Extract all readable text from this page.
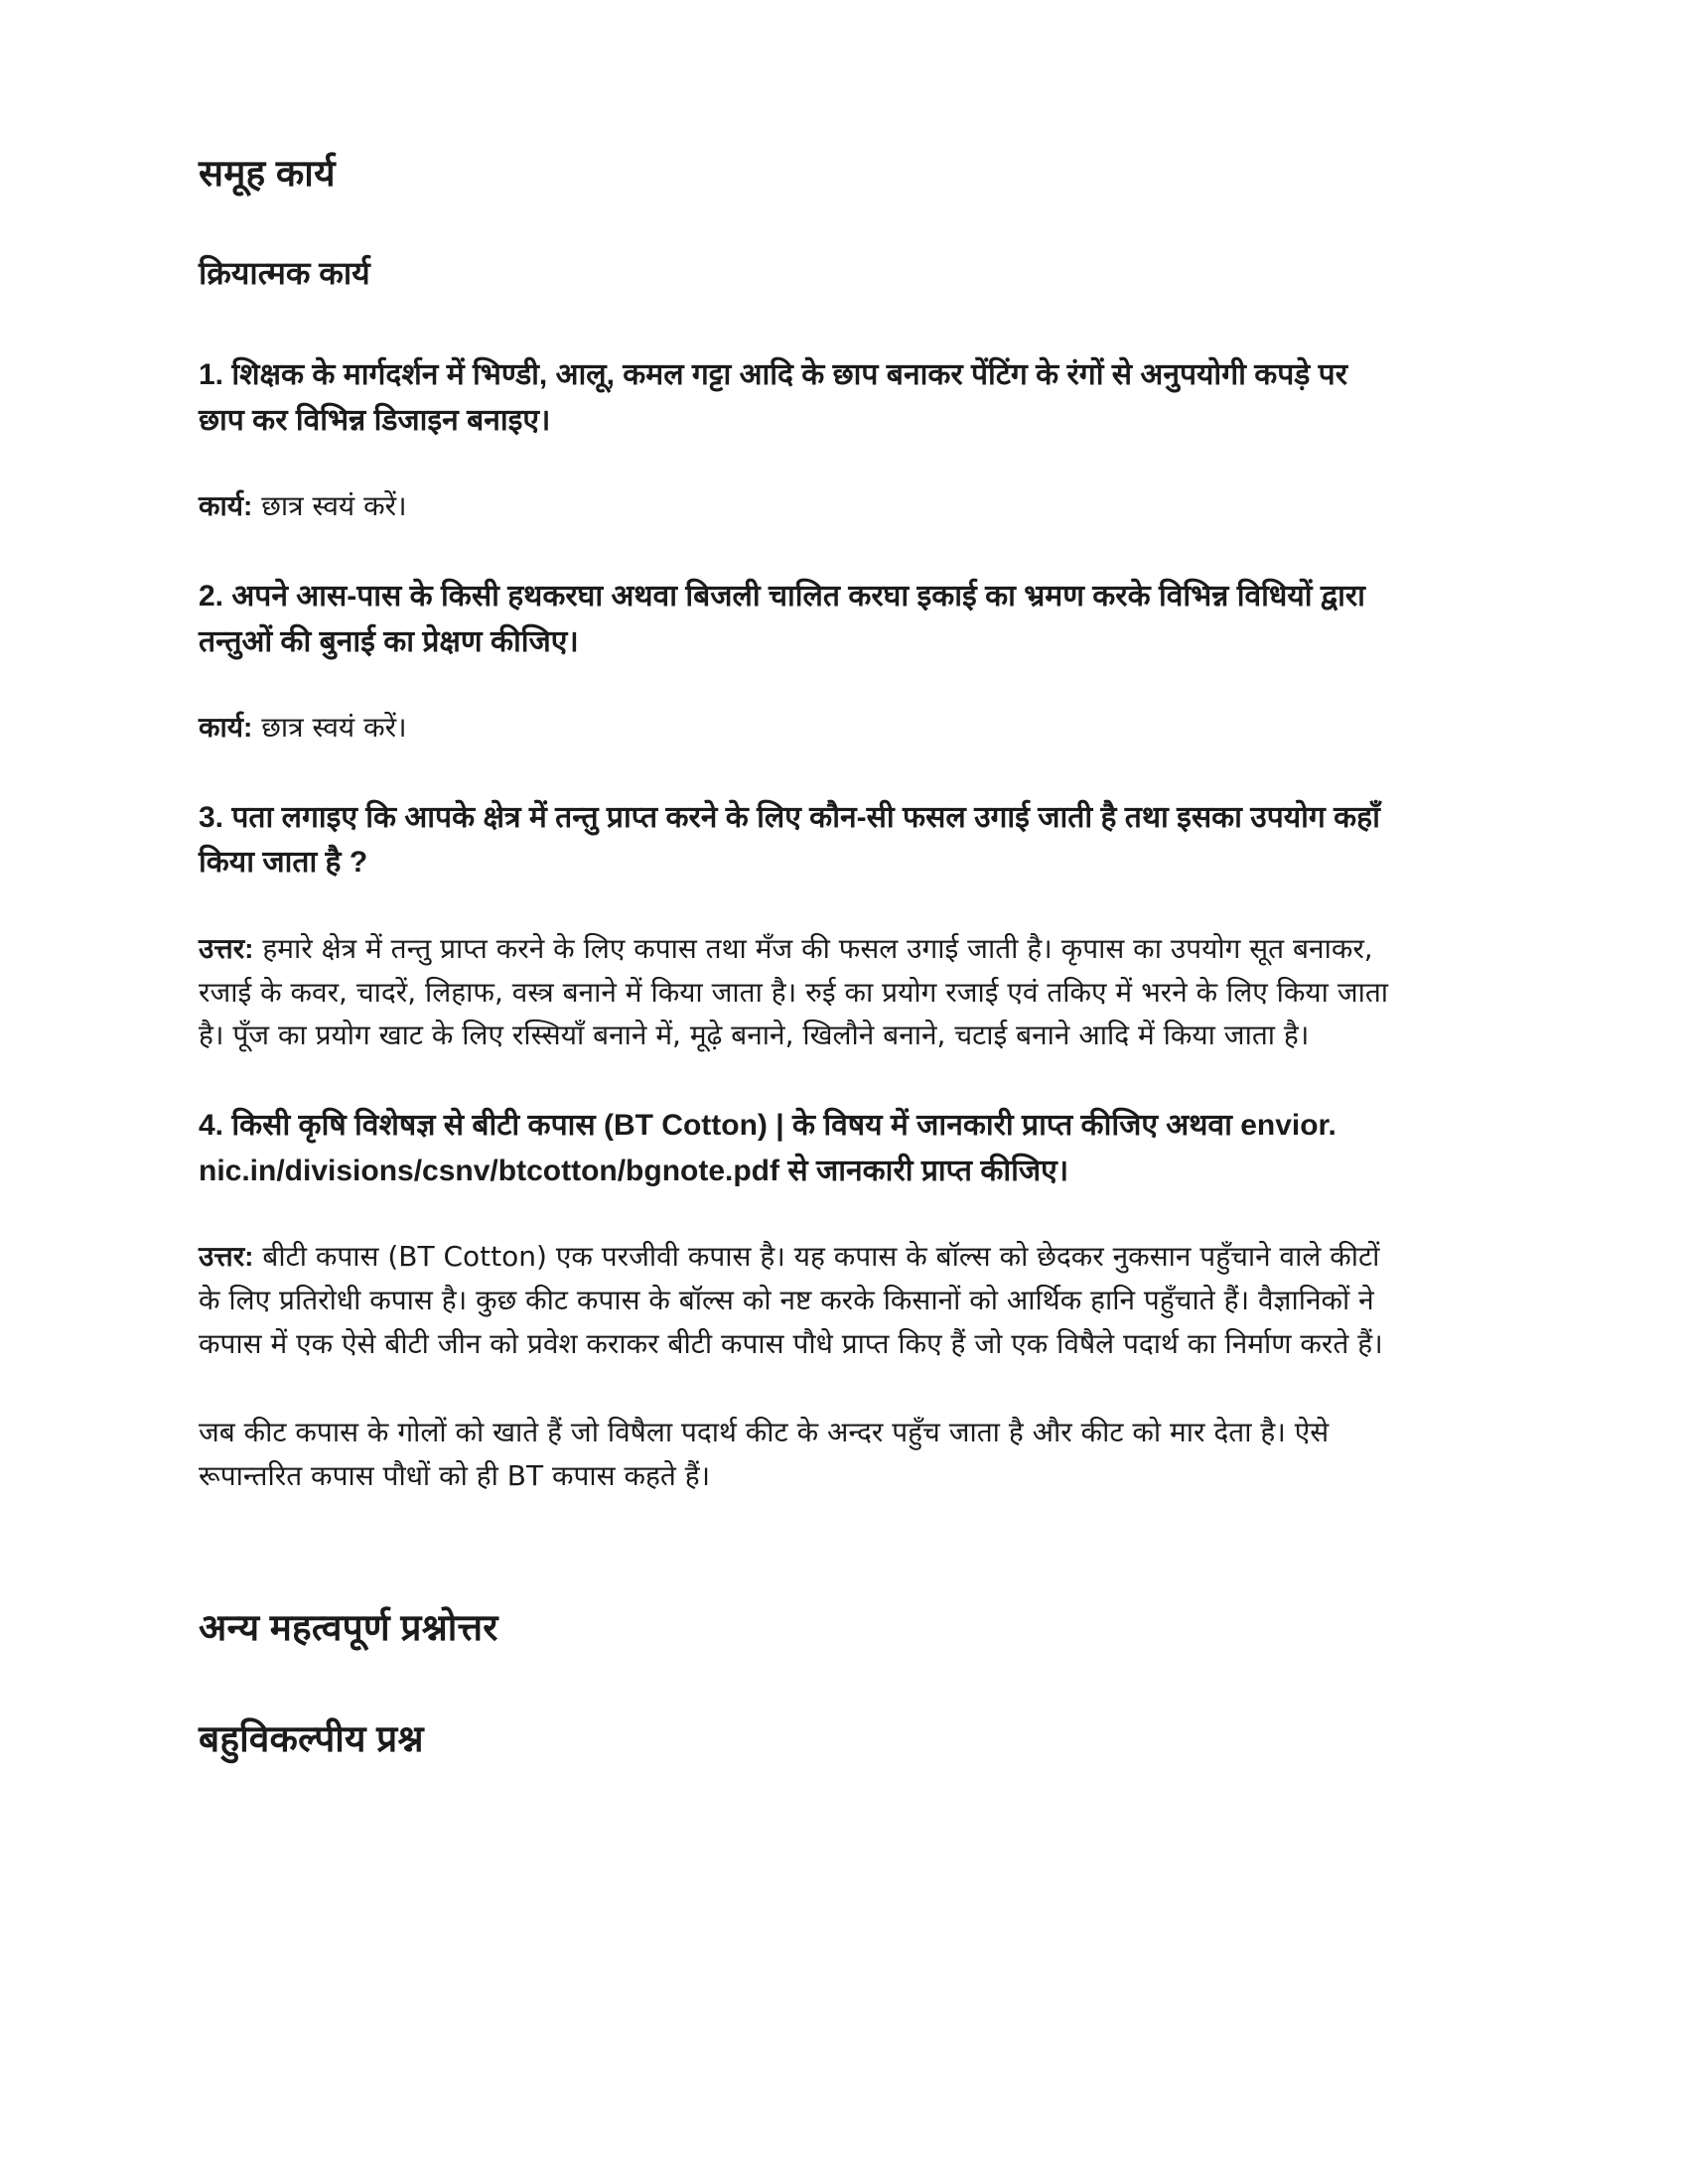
समूह कार्य
क्रियात्मक कार्य

1. शिक्षक के मार्गदर्शन में भिण्डी, आलू, कमल गट्टा आदि के छाप बनाकर पेंटिंग के रंगों से अनुपयोगी कपड़े पर छाप कर विभिन्न डिजाइन बनाइए।

कार्य: छात्र स्वयं करें।

2. अपने आस-पास के किसी हथकरघा अथवा बिजली चालित करघा इकाई का भ्रमण करके विभिन्न विधियों द्वारा तन्तुओं की बुनाई का प्रेक्षण कीजिए।

कार्य: छात्र स्वयं करें।

3. पता लगाइए कि आपके क्षेत्र में तन्तु प्राप्त करने के लिए कौन-सी फसल उगाई जाती है तथा इसका उपयोग कहाँ किया जाता है ?

उत्तर: हमारे क्षेत्र में तन्तु प्राप्त करने के लिए कपास तथा मॅंज की फसल उगाई जाती है। कृपास का उपयोग सूत बनाकर, रजाई के कवर, चादरें, लिहाफ, वस्त्र बनाने में किया जाता है। रुई का प्रयोग रजाई एवं तकिए में भरने के लिए किया जाता है। पूँज का प्रयोग खाट के लिए रस्सियाँ बनाने में, मूढ़े बनाने, खिलौने बनाने, चटाई बनाने आदि में किया जाता है।

4. किसी कृषि विशेषज्ञ से बीटी कपास (BT Cotton) | के विषय में जानकारी प्राप्त कीजिए अथवा envior. nic.in/divisions/csnv/btcotton/bgnote.pdf से जानकारी प्राप्त कीजिए।

उत्तर: बीटी कपास (BT Cotton) एक परजीवी कपास है। यह कपास के बॉल्स को छेदकर नुकसान पहुँचाने वाले कीटों के लिए प्रतिरोधी कपास है। कुछ कीट कपास के बॉल्स को नष्ट करके किसानों को आर्थिक हानि पहुँचाते हैं। वैज्ञानिकों ने कपास में एक ऐसे बीटी जीन को प्रवेश कराकर बीटी कपास पौधे प्राप्त किए हैं जो एक विषैले पदार्थ का निर्माण करते हैं।

जब कीट कपास के गोलों को खाते हैं जो विषैला पदार्थ कीट के अन्दर पहुँच जाता है और कीट को मार देता है। ऐसे रूपान्तरित कपास पौधों को ही BT कपास कहते हैं।

अन्य महत्वपूर्ण प्रश्नोत्तर
बहुविकल्पीय प्रश्न
